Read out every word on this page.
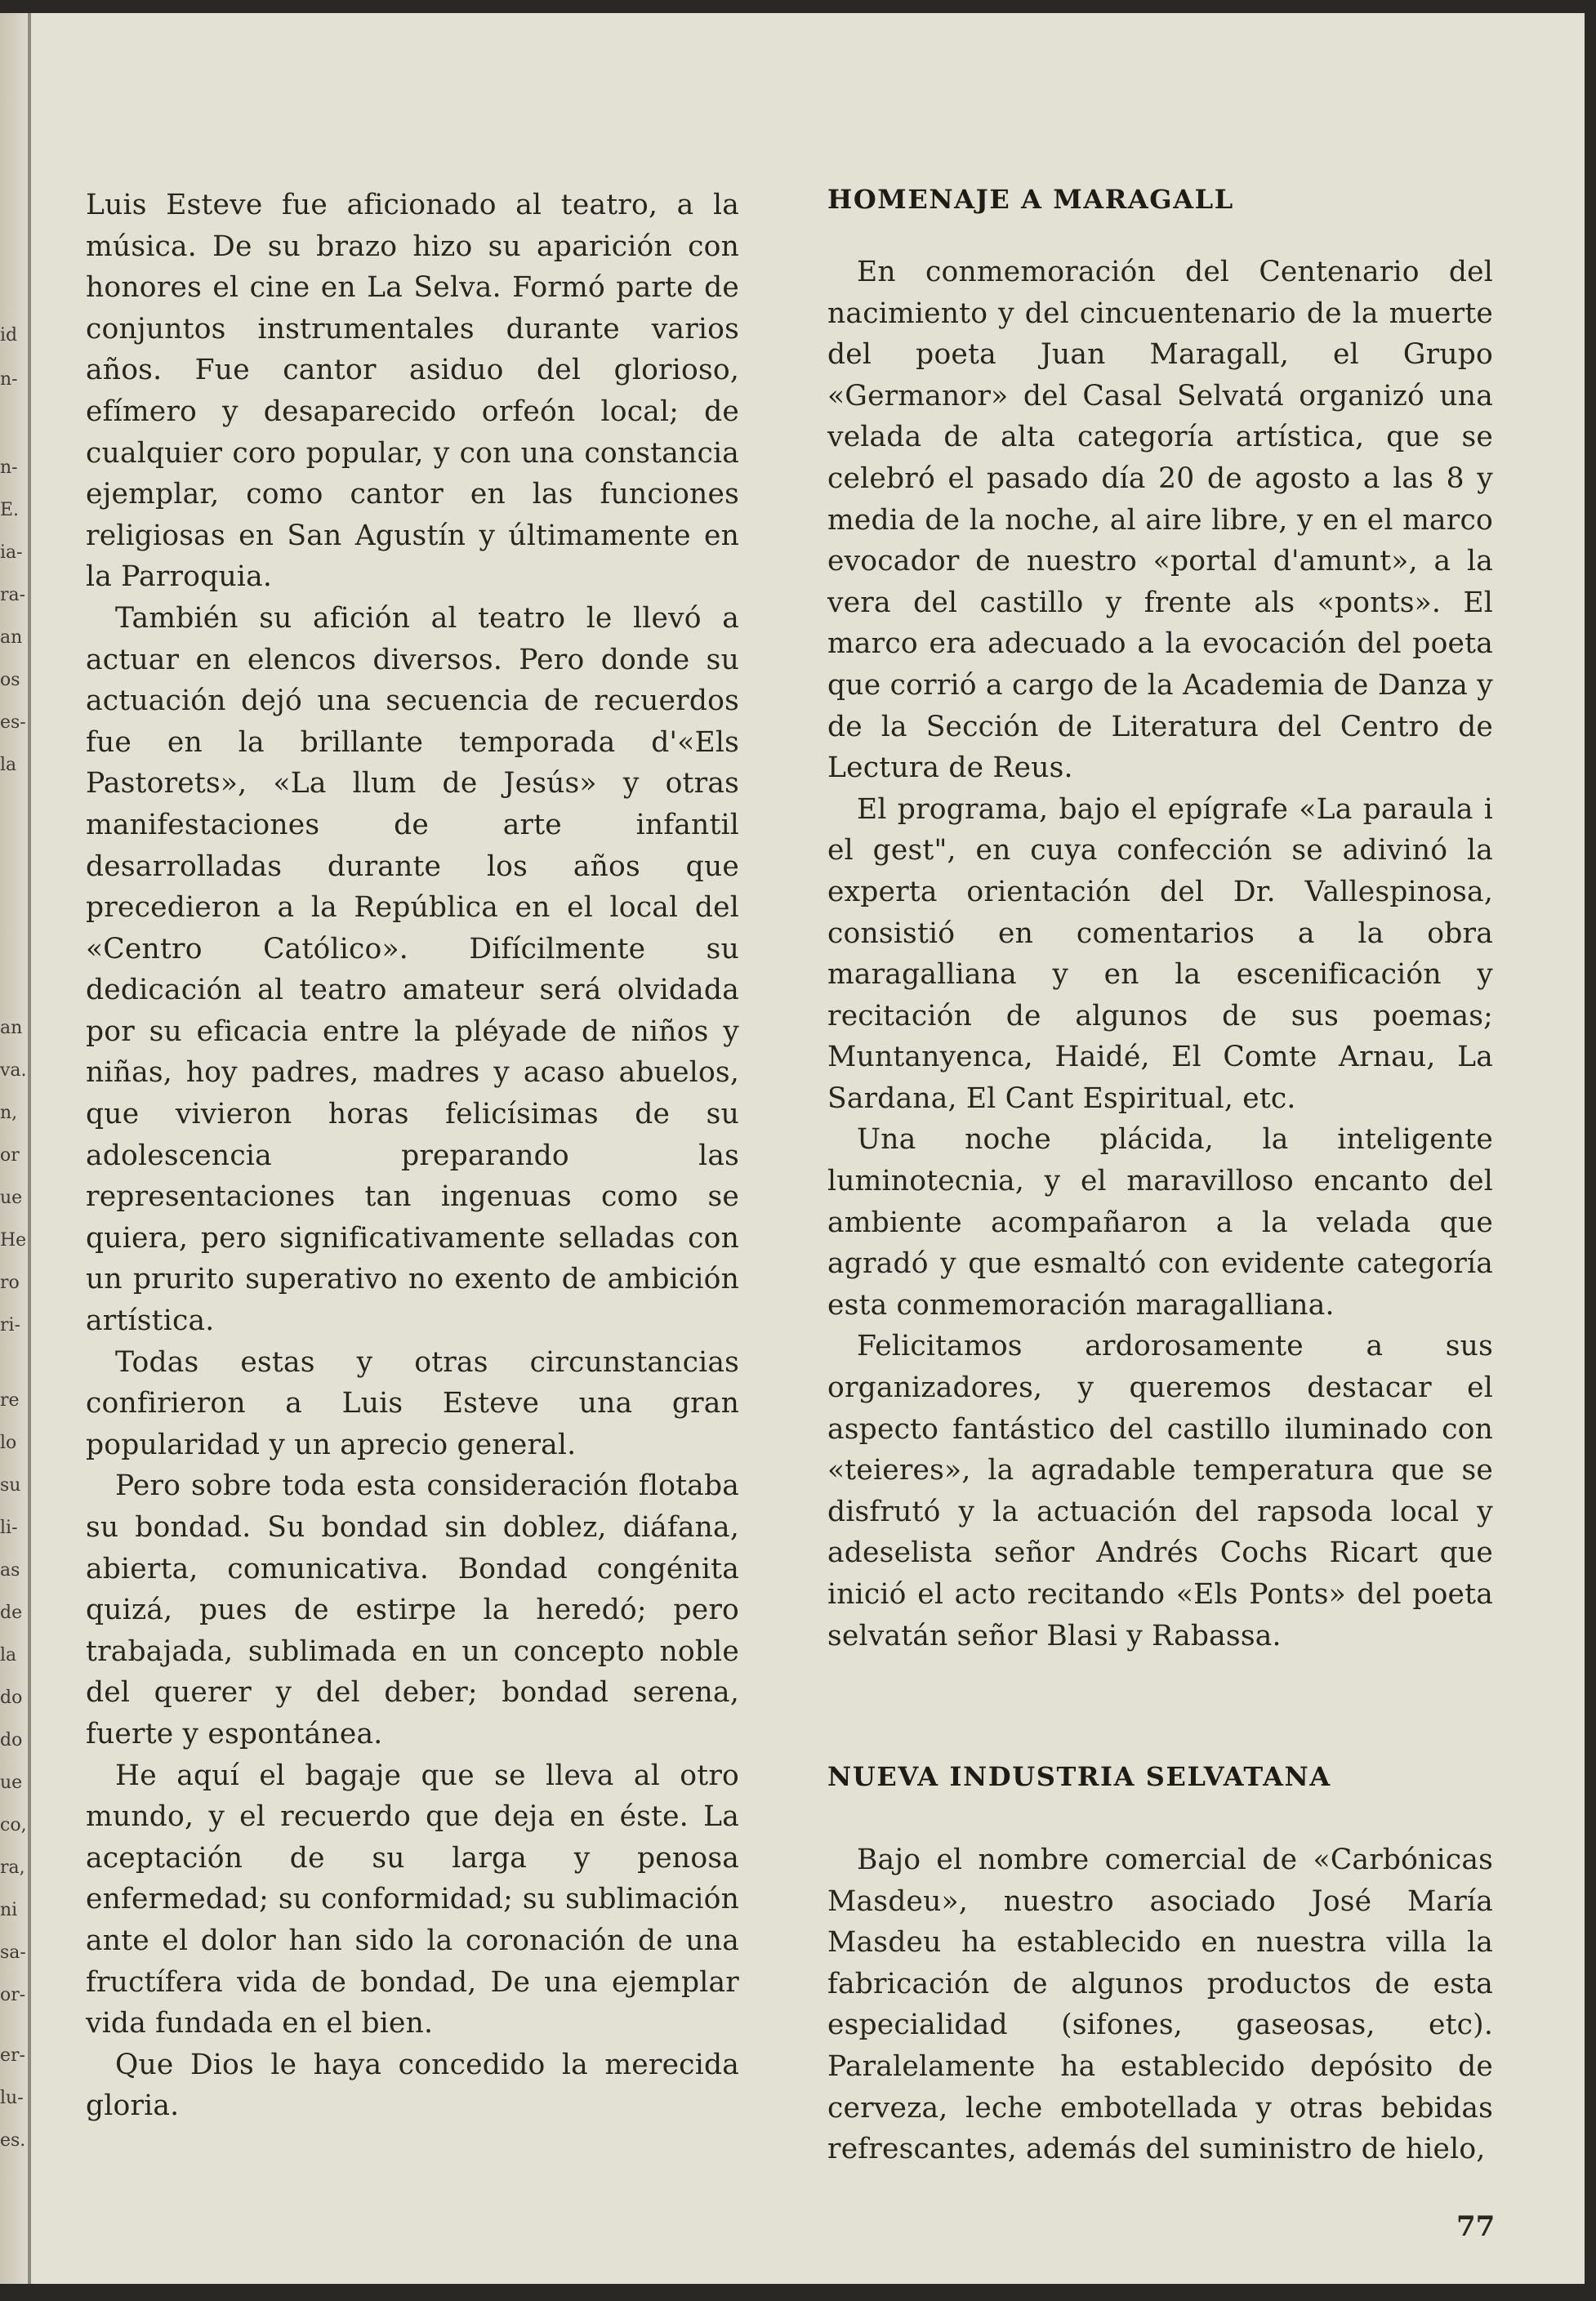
id
n-
n-
E.
ia-
ra-
an
os
es-
la
an
va.
n,
or
ue
He
ro
ri-
re
lo
su
li-
as
de
la
do
do
ue
co,
ra,
ni
sa-
or-
er-
lu-
es.

Luis Esteve fue aficionado al teatro, a la música. De su brazo hizo su aparición con honores el cine en La Selva. Formó parte de conjuntos instrumentales durante varios años. Fue cantor asiduo del glorioso, efímero y desaparecido orfeón local; de cualquier coro popular, y con una constancia ejemplar, como cantor en las funciones religiosas en San Agustín y últimamente en la Parroquia.

También su afición al teatro le llevó a actuar en elencos diversos. Pero donde su actuación dejó una secuencia de recuerdos fue en la brillante temporada d'«Els Pastorets», «La llum de Jesús» y otras manifestaciones de arte infantil desarrolladas durante los años que precedieron a la República en el local del «Centro Católico». Difícilmente su dedicación al teatro amateur será olvidada por su eficacia entre la pléyade de niños y niñas, hoy padres, madres y acaso abuelos, que vivieron horas felicísimas de su adolescencia preparando las representaciones tan ingenuas como se quiera, pero significativamente selladas con un prurito superativo no exento de ambición artística.

Todas estas y otras circunstancias confirieron a Luis Esteve una gran popularidad y un aprecio general.

Pero sobre toda esta consideración flotaba su bondad. Su bondad sin doblez, diáfana, abierta, comunicativa. Bondad congénita quizá, pues de estirpe la heredó; pero trabajada, sublimada en un concepto noble del querer y del deber; bondad serena, fuerte y espontánea.

He aquí el bagaje que se lleva al otro mundo, y el recuerdo que deja en éste. La aceptación de su larga y penosa enfermedad; su conformidad; su sublimación ante el dolor han sido la coronación de una fructífera vida de bondad, De una ejemplar vida fundada en el bien.

Que Dios le haya concedido la merecida gloria.

HOMENAJE A MARAGALL

En conmemoración del Centenario del nacimiento y del cincuentenario de la muerte del poeta Juan Maragall, el Grupo «Germanor» del Casal Selvatá organizó una velada de alta categoría artística, que se celebró el pasado día 20 de agosto a las 8 y media de la noche, al aire libre, y en el marco evocador de nuestro «portal d'amunt», a la vera del castillo y frente als «ponts». El marco era adecuado a la evocación del poeta que corrió a cargo de la Academia de Danza y de la Sección de Literatura del Centro de Lectura de Reus.

El programa, bajo el epígrafe «La paraula i el gest", en cuya confección se adivinó la experta orientación del Dr. Vallespinosa, consistió en comentarios a la obra maragalliana y en la escenificación y recitación de algunos de sus poemas; Muntanyenca, Haidé, El Comte Arnau, La Sardana, El Cant Espiritual, etc.

Una noche plácida, la inteligente luminotecnia, y el maravilloso encanto del ambiente acompañaron a la velada que agradó y que esmaltó con evidente categoría esta conmemoración maragalliana.

Felicitamos ardorosamente a sus organizadores, y queremos destacar el aspecto fantástico del castillo iluminado con «teieres», la agradable temperatura que se disfrutó y la actuación del rapsoda local y adeselista señor Andrés Cochs Ricart que inició el acto recitando «Els Ponts» del poeta selvatán señor Blasi y Rabassa.

NUEVA INDUSTRIA SELVATANA

Bajo el nombre comercial de «Carbónicas Masdeu», nuestro asociado José María Masdeu ha establecido en nuestra villa la fabricación de algunos productos de esta especialidad (sifones, gaseosas, etc). Paralelamente ha establecido depósito de cerveza, leche embotellada y otras bebidas refrescantes, además del suministro de hielo,

77
